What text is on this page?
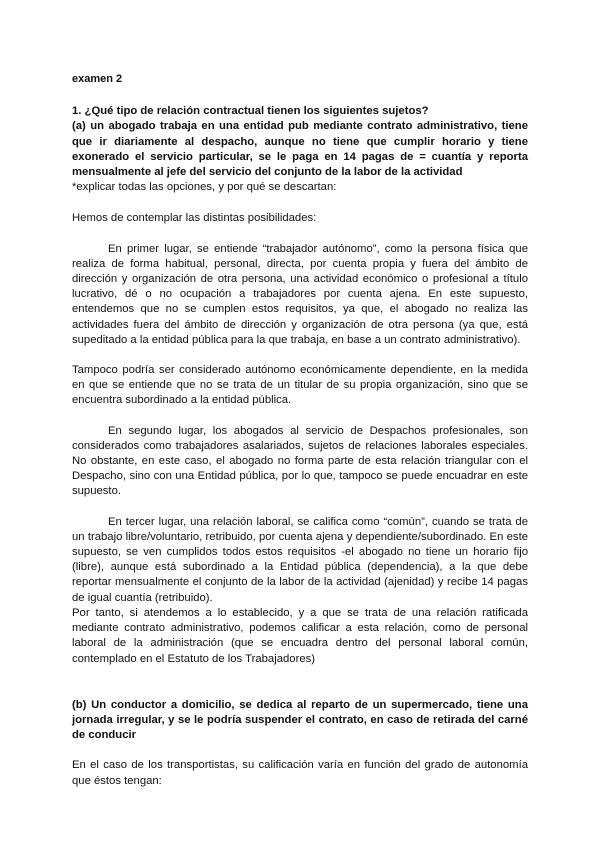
examen 2

1. ¿Qué tipo de relación contractual tienen los siguientes sujetos?

(a) un abogado trabaja en una entidad pub mediante contrato administrativo, tiene que ir diariamente al despacho, aunque no tiene que cumplir horario y tiene exonerado el servicio particular, se le paga en 14 pagas de = cuantía y reporta mensualmente al jefe del servicio del conjunto de la labor de la actividad

*explicar todas las opciones, y por qué se descartan:

Hemos de contemplar las distintas posibilidades:

En primer lugar, se entiende “trabajador autónomo”, como la persona física que realiza de forma habitual, personal, directa, por cuenta propia y fuera del ámbito de dirección y organización de otra persona, una actividad económico o profesional a título lucrativo, dé o no ocupación a trabajadores por cuenta ajena. En este supuesto, entendemos que no se cumplen estos requisitos, ya que, el abogado no realiza las actividades fuera del ámbito de dirección y organización de otra persona (ya que, está supeditado a la entidad pública para la que trabaja, en base a un contrato administrativo).

Tampoco podría ser considerado autónomo económicamente dependiente, en la medida en que se entiende que no se trata de un titular de su propia organización, sino que se encuentra subordinado a la entidad pública.

En segundo lugar, los abogados al servicio de Despachos profesionales, son considerados como trabajadores asalariados, sujetos de relaciones laborales especiales. No obstante, en este caso, el abogado no forma parte de esta relación triangular con el Despacho, sino con una Entidad pública, por lo que, tampoco se puede encuadrar en este supuesto.

En tercer lugar, una relación laboral, se califica como “común”, cuando se trata de un trabajo libre/voluntario, retribuido, por cuenta ajena y dependiente/subordinado. En este supuesto, se ven cumplidos todos estos requisitos -el abogado no tiene un horario fijo (libre), aunque está subordinado a la Entidad pública (dependencia), a la que debe reportar mensualmente el conjunto de la labor de la actividad (ajenidad) y recibe 14 pagas de igual cuantía (retribuido).

Por tanto, si atendemos a lo establecido, y a que se trata de una relación ratificada mediante contrato administrativo, podemos calificar a esta relación, como de personal laboral de la administración (que se encuadra dentro del personal laboral común, contemplado en el Estatuto de los Trabajadores)

(b) Un conductor a domicilio, se dedica al reparto de un supermercado, tiene una jornada irregular, y se le podría suspender el contrato, en caso de retirada del carné de conducir

En el caso de los transportistas, su calificación varía en función del grado de autonomía que éstos tengan:
